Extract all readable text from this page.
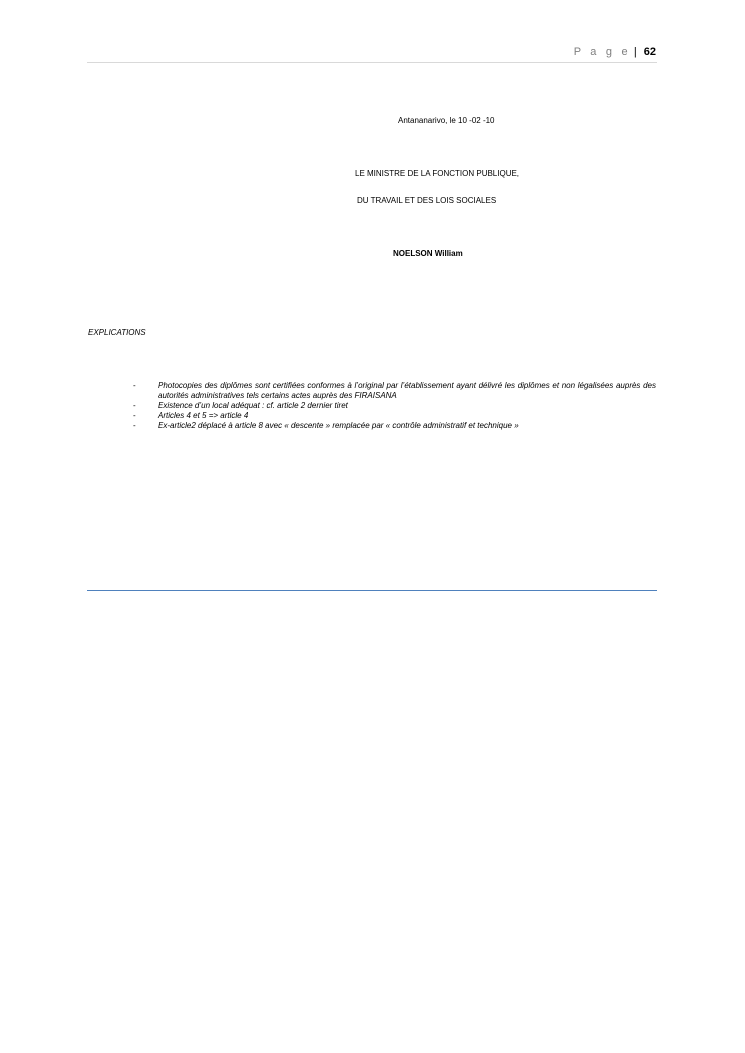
P a g e | 62
Antananarivo, le 10 -02 -10
LE MINISTRE DE LA FONCTION PUBLIQUE,
DU TRAVAIL ET DES LOIS SOCIALES
NOELSON William
EXPLICATIONS
-	Photocopies des diplômes sont certifiées conformes à l’original par l’établissement ayant délivré les diplômes et non légalisées auprès des autorités administratives tels certains actes auprès des FIRAISANA
-	Existence d’un local adéquat : cf. article 2 dernier tiret
-	Articles 4 et 5 => article 4
-	Ex-article2 déplacé à article 8 avec « descente » remplacée par « contrôle administratif et technique »
